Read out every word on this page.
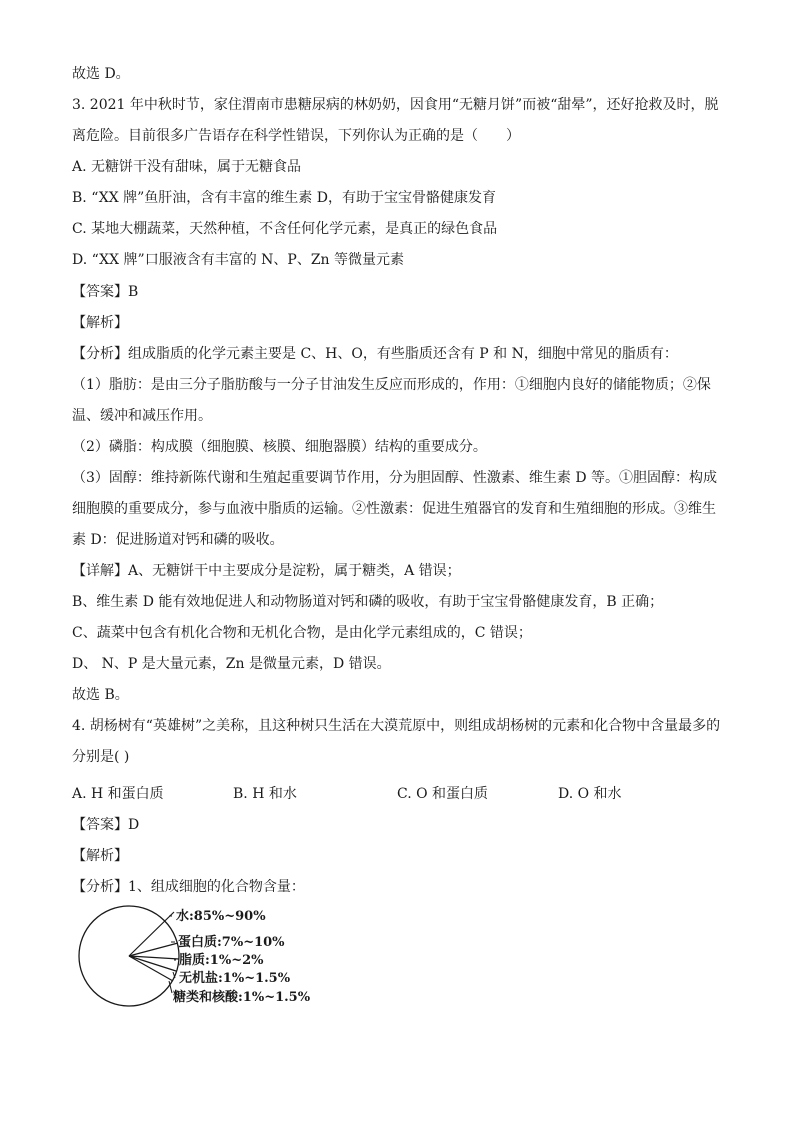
故选 D。
3. 2021 年中秋时节，家住渭南市患糖尿病的林奶奶，因食用“无糖月饼”而被“甜晕”，还好抢救及时，脱
离危险。目前很多广告语存在科学性错误，下列你认为正确的是（　　）
A. 无糖饼干没有甜味，属于无糖食品
B. “XX 牌”鱼肝油，含有丰富的维生素 D，有助于宝宝骨骼健康发育
C. 某地大棚蔬菜，天然种植，不含任何化学元素，是真正的绿色食品
D. “XX 牌”口服液含有丰富的 N、P、Zn 等微量元素
【答案】B
【解析】
【分析】组成脂质的化学元素主要是 C、H、O，有些脂质还含有 P 和 N，细胞中常见的脂质有：
（1）脂肪：是由三分子脂肪酸与一分子甘油发生反应而形成的，作用：①细胞内良好的储能物质；②保
温、缓冲和减压作用。
（2）磷脂：构成膜（细胞膜、核膜、细胞器膜）结构的重要成分。
（3）固醇：维持新陈代谢和生殖起重要调节作用，分为胆固醇、性激素、维生素 D 等。①胆固醇：构成
细胞膜的重要成分，参与血液中脂质的运输。②性激素：促进生殖器官的发育和生殖细胞的形成。③维生
素 D：促进肠道对钙和磷的吸收。
【详解】A、无糖饼干中主要成分是淀粉，属于糖类，A 错误；
B、维生素 D 能有效地促进人和动物肠道对钙和磷的吸收，有助于宝宝骨骼健康发育，B 正确；
C、蔬菜中包含有机化合物和无机化合物，是由化学元素组成的，C 错误；
D、 N、P 是大量元素，Zn 是微量元素，D 错误。
故选 B。
4. 胡杨树有“英雄树”之美称，且这种树只生活在大漠荒原中，则组成胡杨树的元素和化合物中含量最多的
分别是( )
A. H 和蛋白质	B. H 和水	C. O 和蛋白质	D. O 和水
【答案】D
【解析】
【分析】1、组成细胞的化合物含量：
水:85%~90%
蛋白质:7%~10%
脂质:1%~2%
无机盐:1%~1.5%
糖类和核酸:1%~1.5%
